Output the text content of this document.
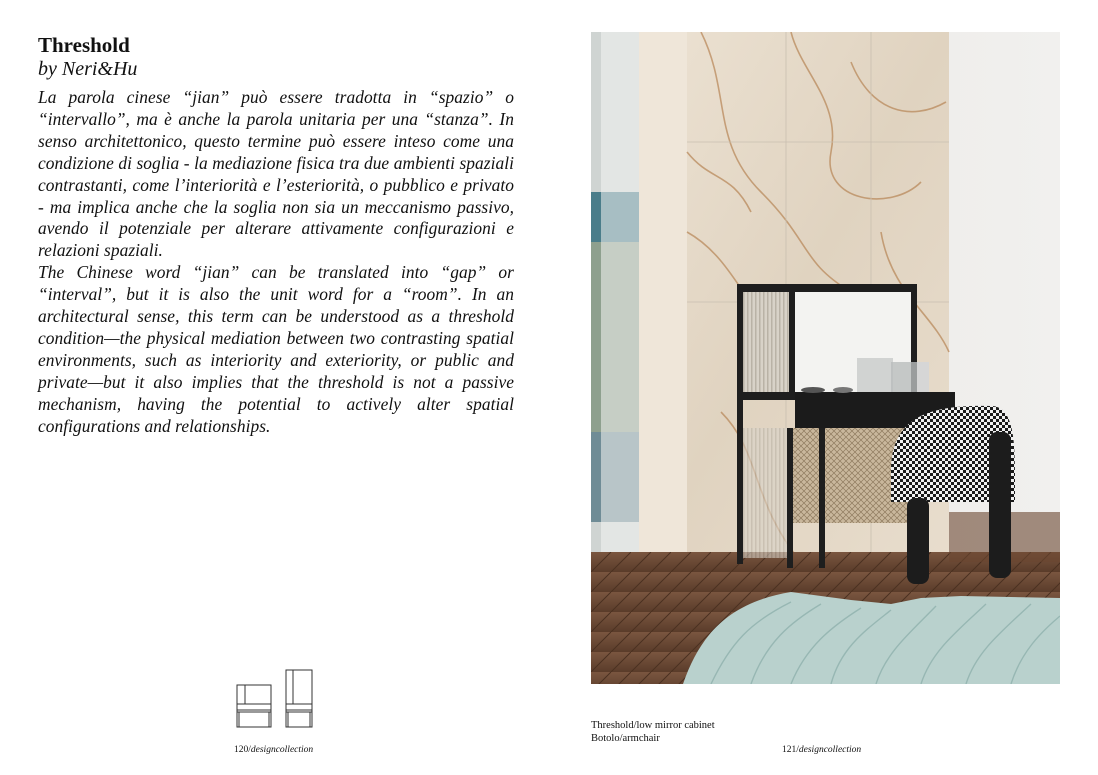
Threshold
by Neri&Hu

La parola cinese “jian” può essere tradotta in “spazio” o “intervallo”, ma è anche la parola unitaria per una “stanza”. In senso architettonico, questo termine può essere inteso come una condizione di soglia - la mediazione fisica tra due ambienti spaziali contrastanti, come l’interiorità e l’esteriorità, o pubblico e privato - ma implica anche che la soglia non sia un meccanismo passivo, avendo il potenziale per alterare attivamente configurazioni e relazioni spaziali.

The Chinese word “jian” can be translated into “gap” or “interval”, but it is also the unit word for a “room”. In an architectural sense, this term can be understood as a threshold condition—the physical mediation between two contrasting spatial environments, such as interiority and exteriority, or public and private—but it also implies that the threshold is not a passive mechanism, having the potential to actively alter spatial configurations and relationships.

120/designcollection
Threshold/low mirror cabinet
Botolo/armchair
121/designcollection
